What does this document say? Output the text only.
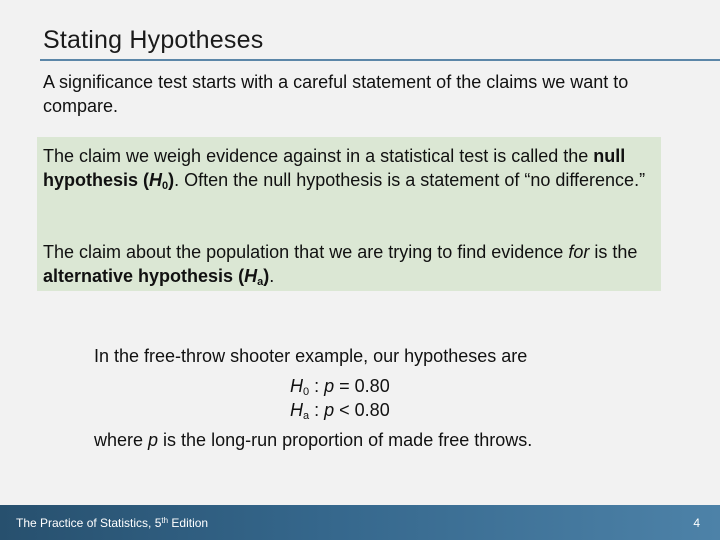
Stating Hypotheses
A significance test starts with a careful statement of the claims we want to compare.
The claim we weigh evidence against in a statistical test is called the null hypothesis $(H_0)$. Often the null hypothesis is a statement of “no difference.”
The claim about the population that we are trying to find evidence for is the alternative hypothesis $(H_a)$.
In the free-throw shooter example, our hypotheses are
$H_0$ : p = 0.80
$H_a$ : p < 0.80
where p is the long-run proportion of made free throws.
The Practice of Statistics, 5th Edition	4
